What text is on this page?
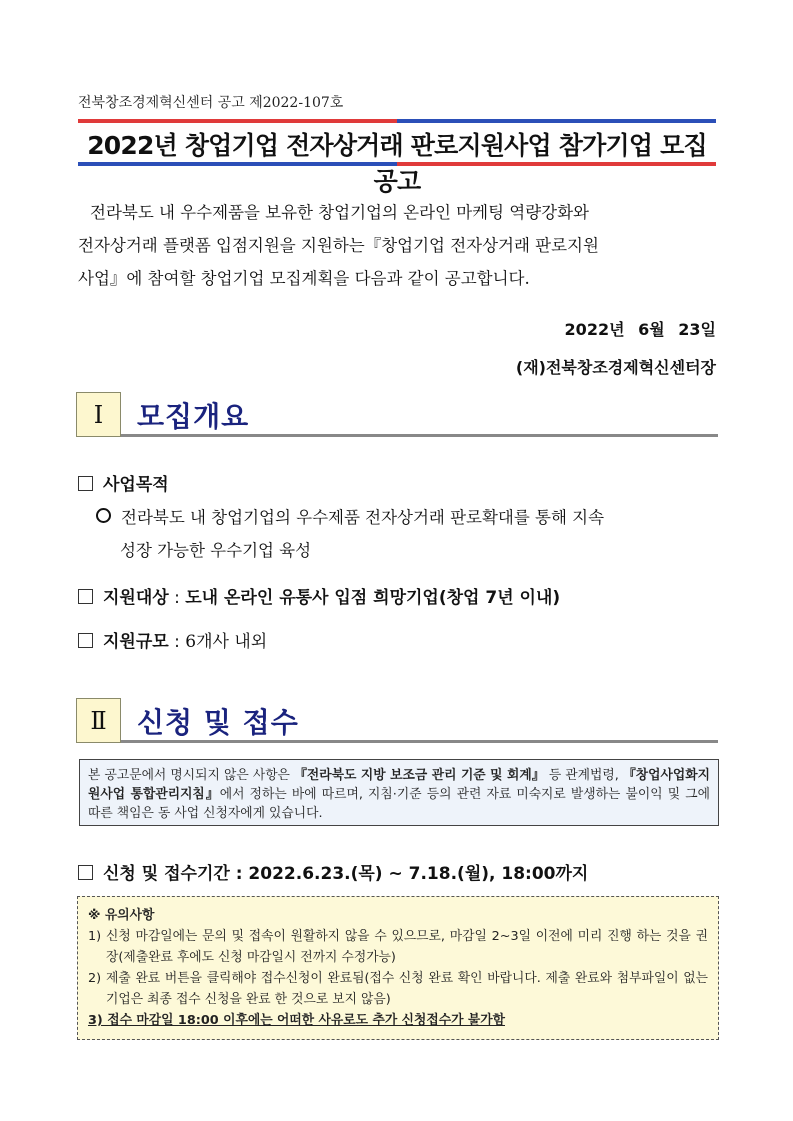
전북창조경제혁신센터 공고 제2022-107호
2022년 창업기업 전자상거래 판로지원사업 참가기업 모집 공고

전라북도 내 우수제품을 보유한 창업기업의 온라인 마케팅 역량강화와

전자상거래 플랫폼 입점지원을 지원하는『창업기업 전자상거래 판로지원

사업』에 참여할 창업기업 모집계획을 다음과 같이 공고합니다.

2022년 6월 23일
(재)전북창조경제혁신센터장
Ⅰ	모집개요
사업목적
전라북도 내 창업기업의 우수제품 전자상거래 판로확대를 통해 지속
성장 가능한 우수기업 육성
지원대상 : 도내 온라인 유통사 입점 희망기업(창업 7년 이내)
지원규모 : 6개사 내외
Ⅱ	신청 및 접수
본 공고문에서 명시되지 않은 사항은 『전라북도 지방 보조금 관리 기준 및 회계』 등 관계법령, 『창업사업화지원사업 통합관리지침』에서 정하는 바에 따르며, 지침·기준 등의 관련 자료 미숙지로 발생하는 불이익 및 그에 따른 책임은 동 사업 신청자에게 있습니다.
신청 및 접수기간 : 2022.6.23.(목) ~ 7.18.(월), 18:00까지
※ 유의사항
1) 신청 마감일에는 문의 및 접속이 원활하지 않을 수 있으므로, 마감일 2~3일 이전에 미리 진행 하는 것을 권장(제출완료 후에도 신청 마감일시 전까지 수정가능)
2) 제출 완료 버튼을 클릭해야 접수신청이 완료됨(접수 신청 완료 확인 바랍니다. 제출 완료와 첨부파일이 없는 기업은 최종 접수 신청을 완료 한 것으로 보지 않음)
3) 접수 마감일 18:00 이후에는 어떠한 사유로도 추가 신청접수가 불가함
